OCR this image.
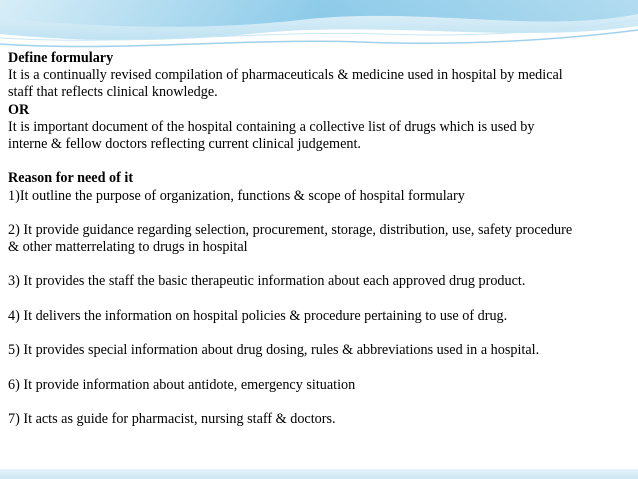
Define formulary
It is a continually revised compilation of pharmaceuticals & medicine used in hospital by medical
staff that reflects clinical knowledge.
OR
It is important document of the hospital containing a collective list of drugs which is used by
interne & fellow doctors reflecting current clinical judgement.
Reason for need of it
1)It outline the purpose of organization, functions & scope of hospital formulary
2) It provide guidance regarding selection, procurement, storage, distribution, use, safety procedure
& other matterrelating to drugs in hospital
3) It provides the staff the basic therapeutic information about each approved drug product.
4) It delivers the information on hospital policies & procedure pertaining to use of drug.
5) It provides special information about drug dosing, rules & abbreviations used in a hospital.
6) It provide information about antidote, emergency situation
7) It acts as guide for pharmacist, nursing staff & doctors.
